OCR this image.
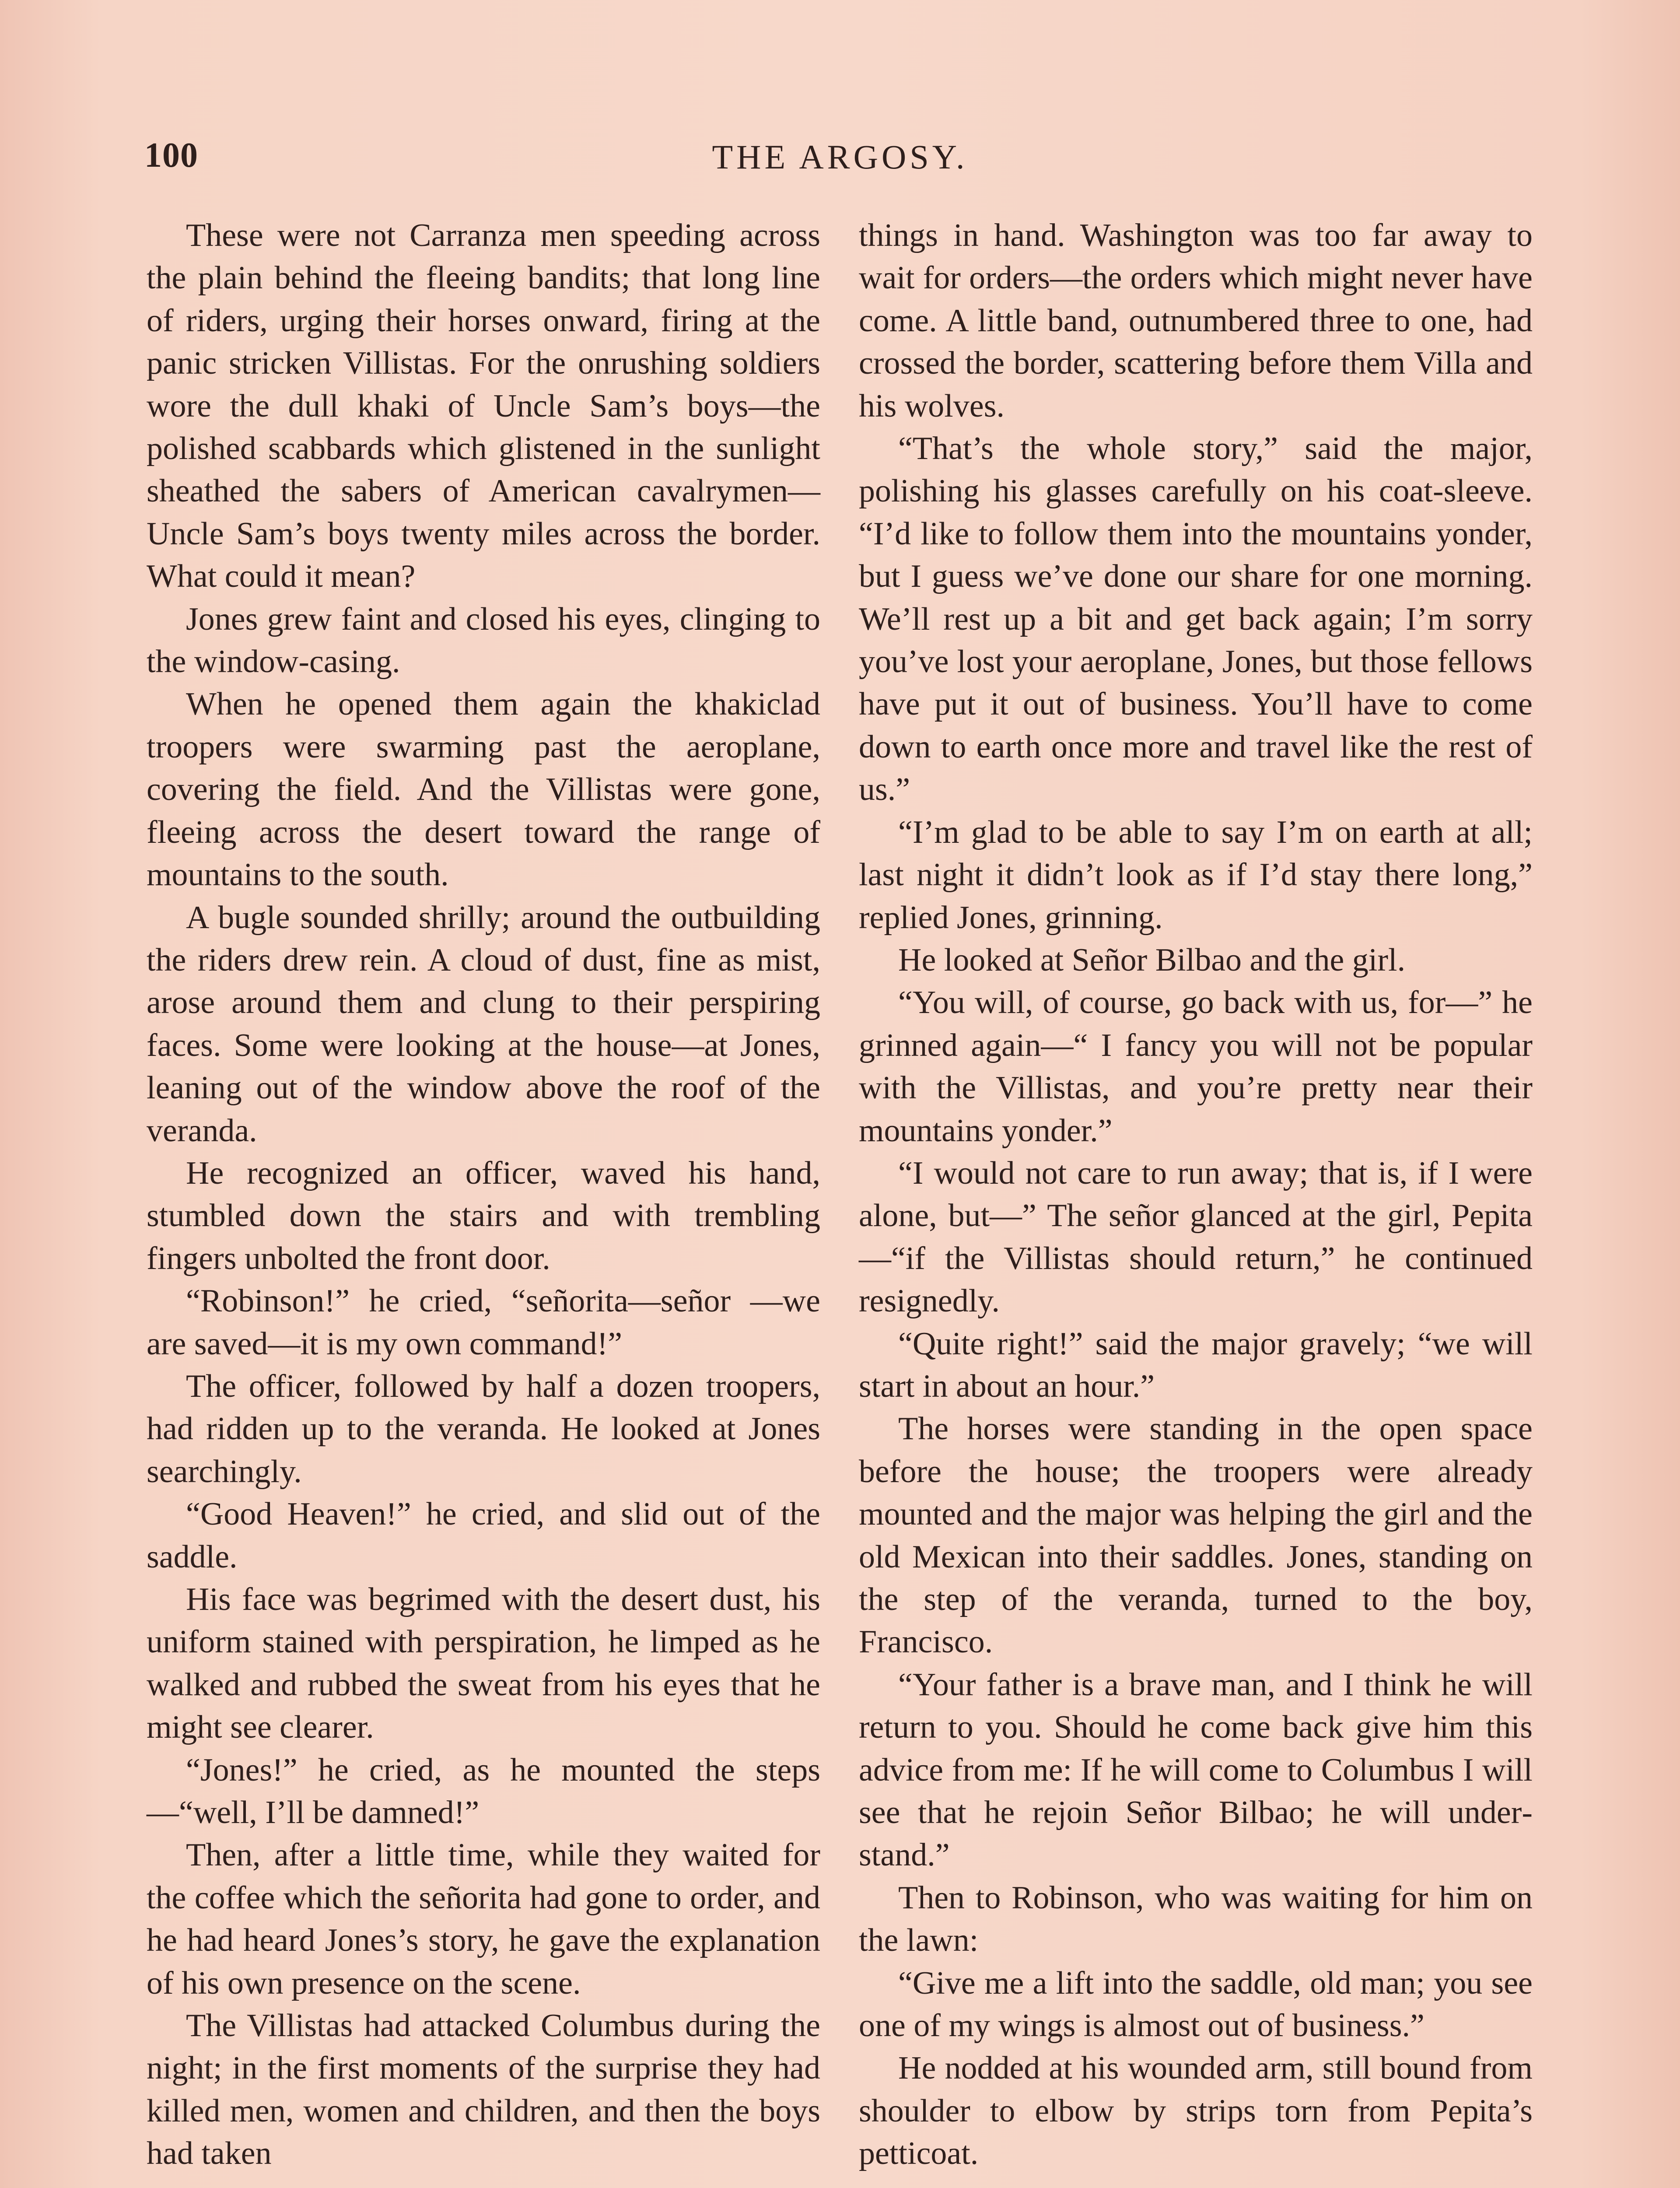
100	THE ARGOSY.

These were not Carranza men speeding across the plain behind the fleeing bandits; that long line of riders, urging their horses onward, firing at the panic stricken Villistas. For the onrushing soldiers wore the dull khaki of Uncle Sam’s boys—the polished scabbards which glistened in the sunlight sheathed the sabers of American cavalrymen—Uncle Sam’s boys twenty miles across the border. What could it mean?

Jones grew faint and closed his eyes, clinging to the window-casing.

When he opened them again the khakiclad troopers were swarming past the aeroplane, covering the field. And the Villistas were gone, fleeing across the desert toward the range of mountains to the south.

A bugle sounded shrilly; around the outbuilding the riders drew rein. A cloud of dust, fine as mist, arose around them and clung to their perspiring faces. Some were looking at the house—at Jones, leaning out of the window above the roof of the veranda.

He recognized an officer, waved his hand, stumbled down the stairs and with trembling fingers unbolted the front door.

“Robinson!” he cried, “señorita—señor —we are saved—it is my own command!”

The officer, followed by half a dozen troopers, had ridden up to the veranda. He looked at Jones searchingly.

“Good Heaven!” he cried, and slid out of the saddle.

His face was begrimed with the desert dust, his uniform stained with perspiration, he limped as he walked and rubbed the sweat from his eyes that he might see clearer.

“Jones!” he cried, as he mounted the steps—“well, I’ll be damned!”

Then, after a little time, while they waited for the coffee which the señorita had gone to order, and he had heard Jones’s story, he gave the explanation of his own presence on the scene.

The Villistas had attacked Columbus during the night; in the first moments of the surprise they had killed men, women and children, and then the boys had taken

things in hand. Washington was too far away to wait for orders—the orders which might never have come. A little band, outnumbered three to one, had crossed the border, scattering before them Villa and his wolves.

“That’s the whole story,” said the major, polishing his glasses carefully on his coat-sleeve. “I’d like to follow them into the mountains yonder, but I guess we’ve done our share for one morning. We’ll rest up a bit and get back again; I’m sorry you’ve lost your aeroplane, Jones, but those fellows have put it out of business. You’ll have to come down to earth once more and travel like the rest of us.”

“I’m glad to be able to say I’m on earth at all; last night it didn’t look as if I’d stay there long,” replied Jones, grinning.

He looked at Señor Bilbao and the girl.

“You will, of course, go back with us, for—” he grinned again—“ I fancy you will not be popular with the Villistas, and you’re pretty near their mountains yonder.”

“I would not care to run away; that is, if I were alone, but—” The señor glanced at the girl, Pepita—“if the Villistas should return,” he continued resignedly.

“Quite right!” said the major gravely; “we will start in about an hour.”

The horses were standing in the open space before the house; the troopers were already mounted and the major was helping the girl and the old Mexican into their saddles. Jones, standing on the step of the veranda, turned to the boy, Francisco.

“Your father is a brave man, and I think he will return to you. Should he come back give him this advice from me: If he will come to Columbus I will see that he rejoin Señor Bilbao; he will understand.”

Then to Robinson, who was waiting for him on the lawn:

“Give me a lift into the saddle, old man; you see one of my wings is almost out of business.”

He nodded at his wounded arm, still bound from shoulder to elbow by strips torn from Pepita’s petticoat.
